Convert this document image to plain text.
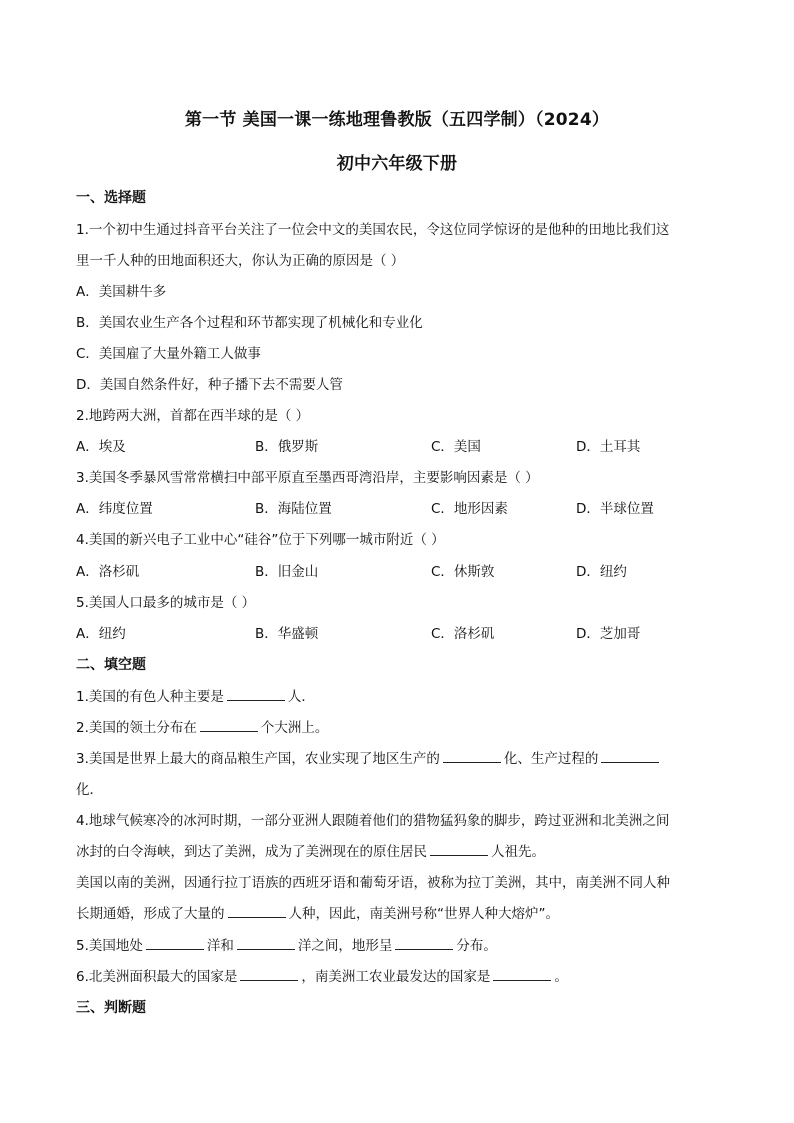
第一节 美国一课一练地理鲁教版（五四学制）（2024）
初中六年级下册
一、选择题
1.一个初中生通过抖音平台关注了一位会中文的美国农民，令这位同学惊讶的是他种的田地比我们这
里一千人种的田地面积还大，你认为正确的原因是（ ）
A．美国耕牛多
B．美国农业生产各个过程和环节都实现了机械化和专业化
C．美国雇了大量外籍工人做事
D．美国自然条件好，种子播下去不需要人管
2.地跨两大洲，首都在西半球的是（ ）
A．埃及	B．俄罗斯	C．美国	D．土耳其
3.美国冬季暴风雪常常横扫中部平原直至墨西哥湾沿岸，主要影响因素是（ ）
A．纬度位置	B．海陆位置	C．地形因素	D．半球位置
4.美国的新兴电子工业中心“硅谷”位于下列哪一城市附近（ ）
A．洛杉矶	B．旧金山	C．休斯敦	D．纽约
5.美国人口最多的城市是（ ）
A．纽约	B．华盛顿	C．洛杉矶	D．芝加哥
二、填空题
1.美国的有色人种主要是	人．
2.美国的领土分布在	个大洲上。
3.美国是世界上最大的商品粮生产国，农业实现了地区生产的	化、生产过程的
化．
4.地球气候寒冷的冰河时期，一部分亚洲人跟随着他们的猎物猛犸象的脚步，跨过亚洲和北美洲之间
冰封的白令海峡，到达了美洲，成为了美洲现在的原住居民	人祖先。
美国以南的美洲，因通行拉丁语族的西班牙语和葡萄牙语，被称为拉丁美洲，其中，南美洲不同人种
长期通婚，形成了大量的	人种，因此，南美洲号称“世界人种大熔炉”。
5.美国地处	洋和	洋之间，地形呈	分布。
6.北美洲面积最大的国家是	，南美洲工农业最发达的国家是	。
三、判断题
